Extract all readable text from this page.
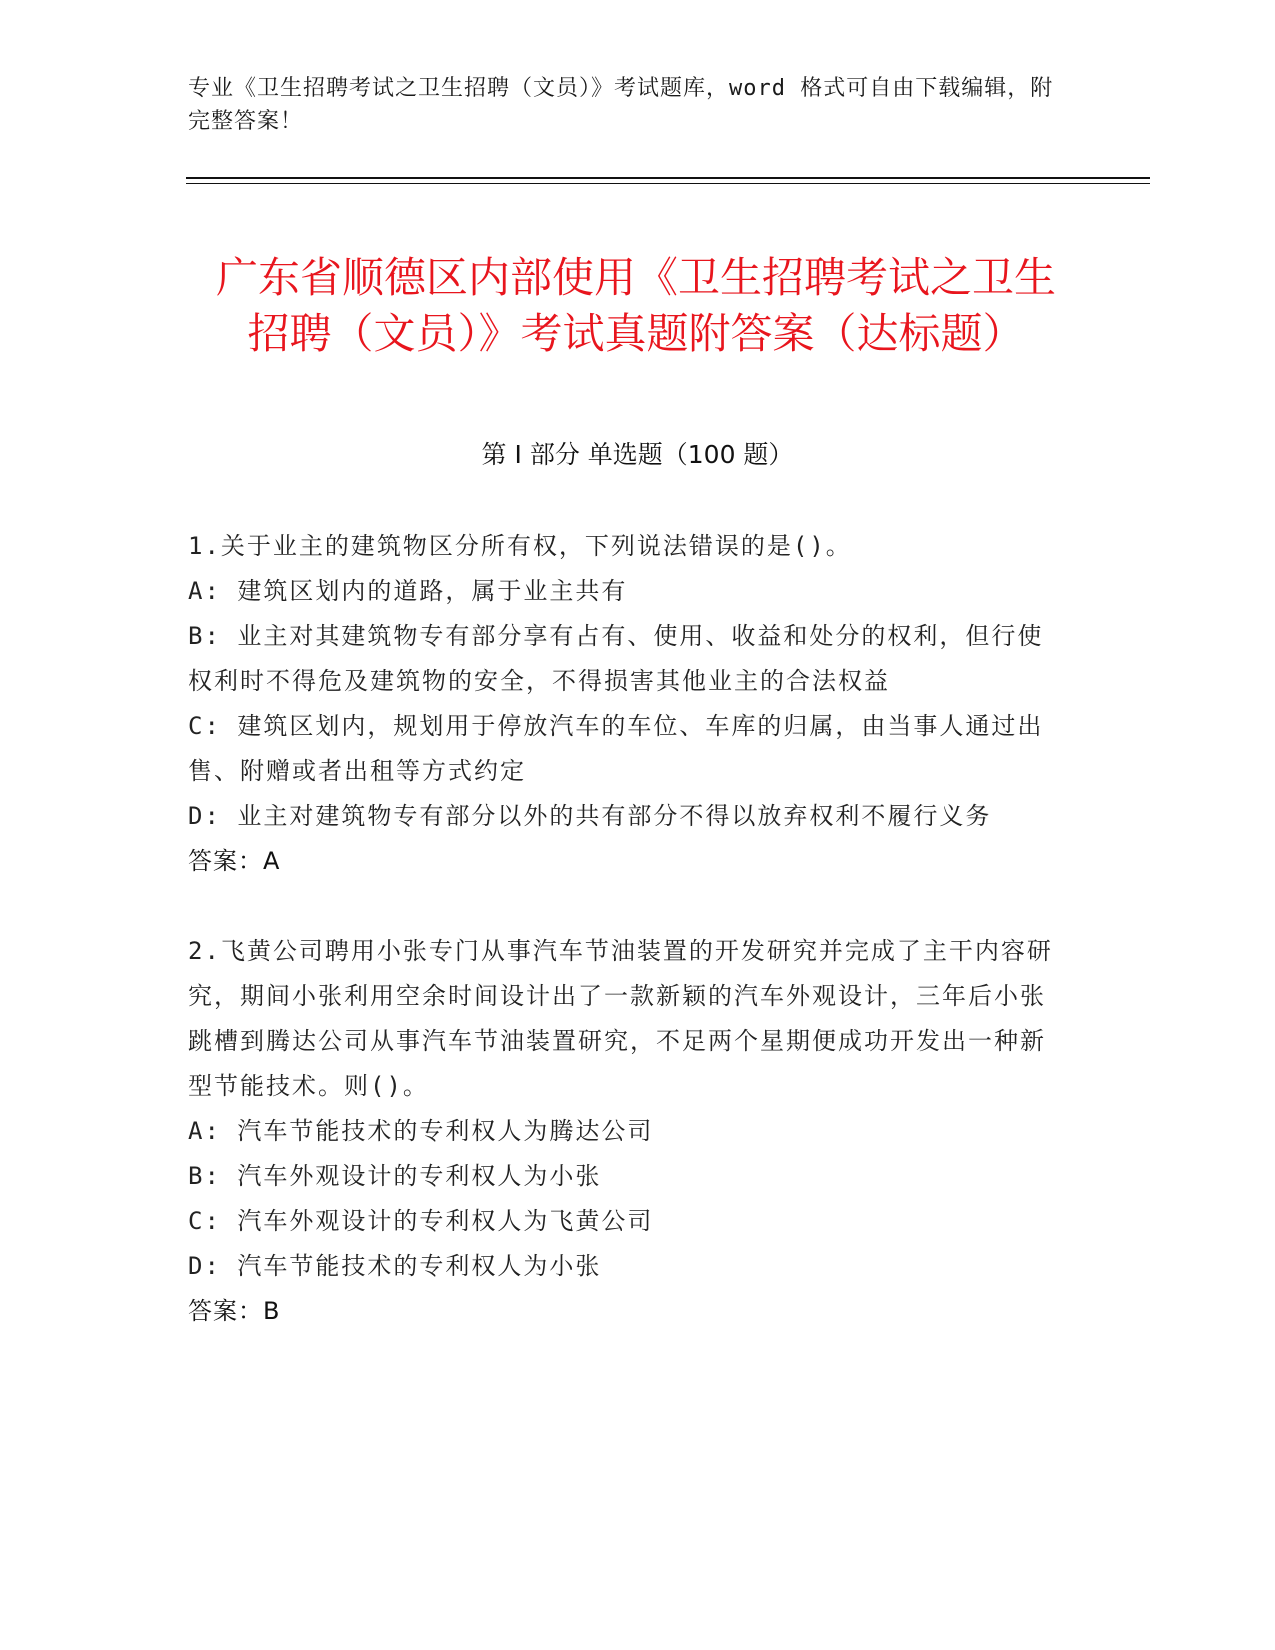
专业《卫生招聘考试之卫生招聘（文员）》考试题库，word 格式可自由下载编辑，附完整答案！
广东省顺德区内部使用《卫生招聘考试之卫生招聘（文员）》考试真题附答案（达标题）
第 I 部分 单选题（100 题）

1.关于业主的建筑物区分所有权，下列说法错误的是()。

A: 建筑区划内的道路，属于业主共有

B: 业主对其建筑物专有部分享有占有、使用、收益和处分的权利，但行使权利时不得危及建筑物的安全，不得损害其他业主的合法权益

C: 建筑区划内，规划用于停放汽车的车位、车库的归属，由当事人通过出售、附赠或者出租等方式约定

D: 业主对建筑物专有部分以外的共有部分不得以放弃权利不履行义务

答案：A

2.飞黄公司聘用小张专门从事汽车节油装置的开发研究并完成了主干内容研究，期间小张利用空余时间设计出了一款新颖的汽车外观设计，三年后小张跳槽到腾达公司从事汽车节油装置研究，不足两个星期便成功开发出一种新型节能技术。则()。

A: 汽车节能技术的专利权人为腾达公司

B: 汽车外观设计的专利权人为小张

C: 汽车外观设计的专利权人为飞黄公司

D: 汽车节能技术的专利权人为小张

答案：B
